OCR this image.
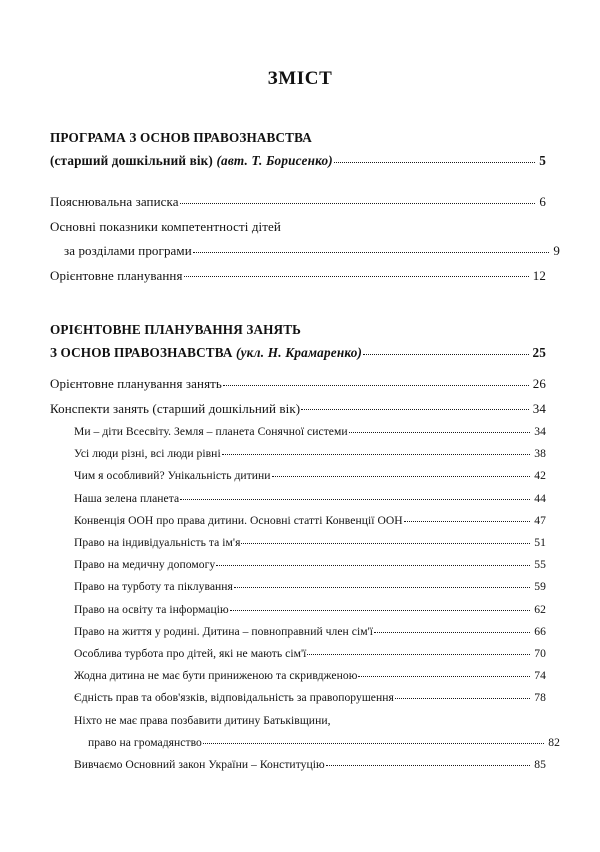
ЗМІСТ
ПРОГРАМА З ОСНОВ ПРАВОЗНАВСТВА
(старший дошкільний вік) (авт. Т. Борисенко)	5
Пояснювальна записка	6
Основні показники компетентності дітей
за розділами програми	9
Орієнтовне планування	12
ОРІЄНТОВНЕ ПЛАНУВАННЯ ЗАНЯТЬ
З ОСНОВ ПРАВОЗНАВСТВА (укл. Н. Крамаренко)	25
Орієнтовне планування занять	26
Конспекти занять (старший дошкільний вік)	34
Ми – діти Всесвіту. Земля – планета Сонячної системи	34
Усі люди різні, всі люди рівні	38
Чим я особливий? Унікальність дитини	42
Наша зелена планета	44
Конвенція ООН про права дитини. Основні статті Конвенції ООН	47
Право на індивідуальність та ім'я	51
Право на медичну допомогу	55
Право на турботу та піклування	59
Право на освіту та інформацію	62
Право на життя у родині. Дитина – повноправний член сім'ї	66
Особлива турбота про дітей, які не мають сім'ї	70
Жодна дитина не має бути приниженою та скривдженою	74
Єдність прав та обов'язків, відповідальність за правопорушення	78
Ніхто не має права позбавити дитину Батьківщини,
право на громадянство	82
Вивчаємо Основний закон України – Конституцію	85
